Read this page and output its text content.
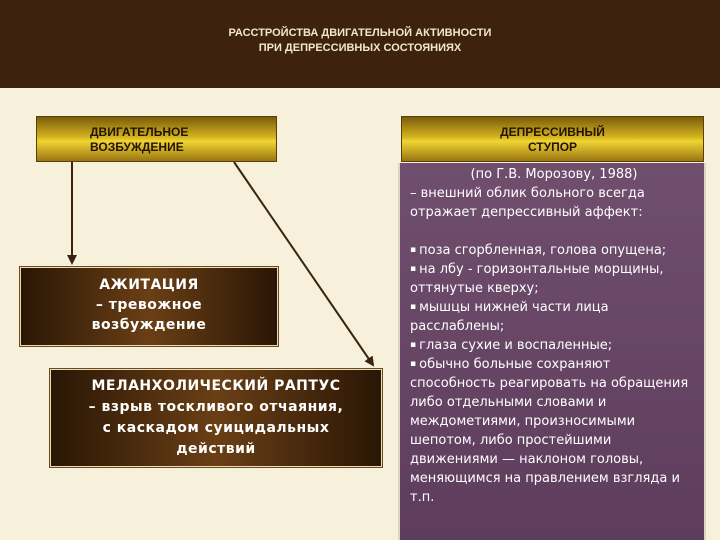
РАССТРОЙСТВА ДВИГАТЕЛЬНОЙ АКТИВНОСТИ
ПРИ ДЕПРЕССИВНЫХ СОСТОЯНИЯХ
ДВИГАТЕЛЬНОЕ
ВОЗБУЖДЕНИЕ
ДЕПРЕССИВНЫЙ
СТУПОР
АЖИТАЦИЯ
– тревожное
возбуждение
МЕЛАНХОЛИЧЕСКИЙ РАПТУС
– взрыв тоскливого отчаяния,
с каскадом суицидальных
действий
(по Г.В. Морозову, 1988)
– внешний облик больного всегда отражает депрессивный аффект:
▪ поза сгорбленная, голова опущена;
▪ на лбу - горизонтальные морщины, оттянутые кверху;
▪ мышцы нижней части лица расслаблены;
▪ глаза сухие и воспаленные;
▪ обычно больные сохраняют способность реагировать на обращения либо отдельными словами и междометиями, произносимыми шепотом, либо простейшими движениями — наклоном головы, меняющимся на правлением взгляда и т.п.
